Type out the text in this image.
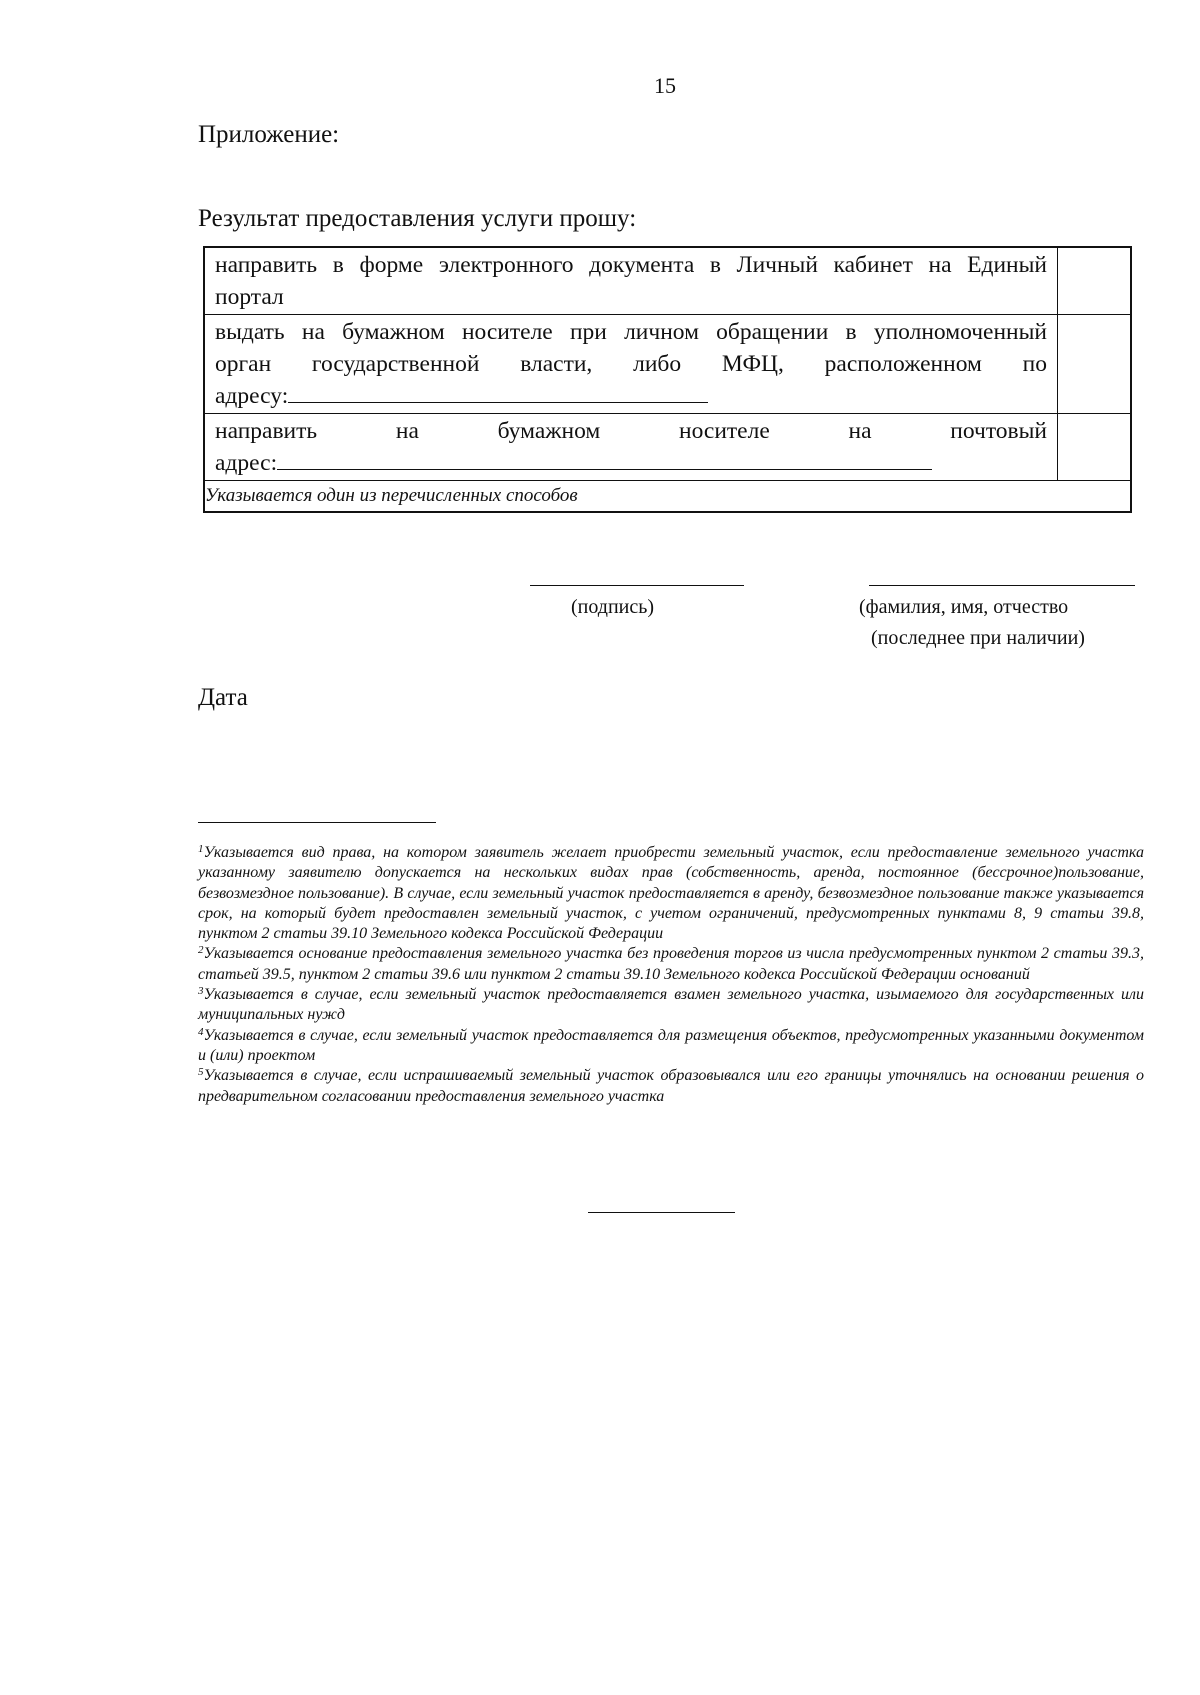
15
Приложение:
Результат предоставления услуги прошу:
направить в форме электронного документа в Личный кабинет на Единый
портал
выдать на бумажном носителе при личном обращении в уполномоченный
орган государственной власти, либо МФЦ, расположенном по
адресу:
направить на бумажном носителе на почтовый
адрес:
Указывается один из перечисленных способов
(подпись)	(фамилия, имя, отчество
(последнее при наличии)
Дата

$^1$Указывается вид права, на котором заявитель желает приобрести земельный участок, если предоставление земельного участка указанному заявителю допускается на нескольких видах прав (собственность, аренда, постоянное (бессрочное)пользование, безвозмездное пользование). В случае, если земельный участок предоставляется в аренду, безвозмездное пользование также указывается срок, на который будет предоставлен земельный участок, с учетом ограничений, предусмотренных пунктами 8, 9 статьи 39.8, пунктом 2 статьи 39.10 Земельного кодекса Российской Федерации

$^2$Указывается основание предоставления земельного участка без проведения торгов из числа предусмотренных пунктом 2 статьи 39.3, статьей 39.5, пунктом 2 статьи 39.6 или пунктом 2 статьи 39.10 Земельного кодекса Российской Федерации оснований

$^3$Указывается в случае, если земельный участок предоставляется взамен земельного участка, изымаемого для государственных или муниципальных нужд

$^4$Указывается в случае, если земельный участок предоставляется для размещения объектов, предусмотренных указанными документом и (или) проектом

$^5$Указывается в случае, если испрашиваемый земельный участок образовывался или его границы уточнялись на основании решения о предварительном согласовании предоставления земельного участка
